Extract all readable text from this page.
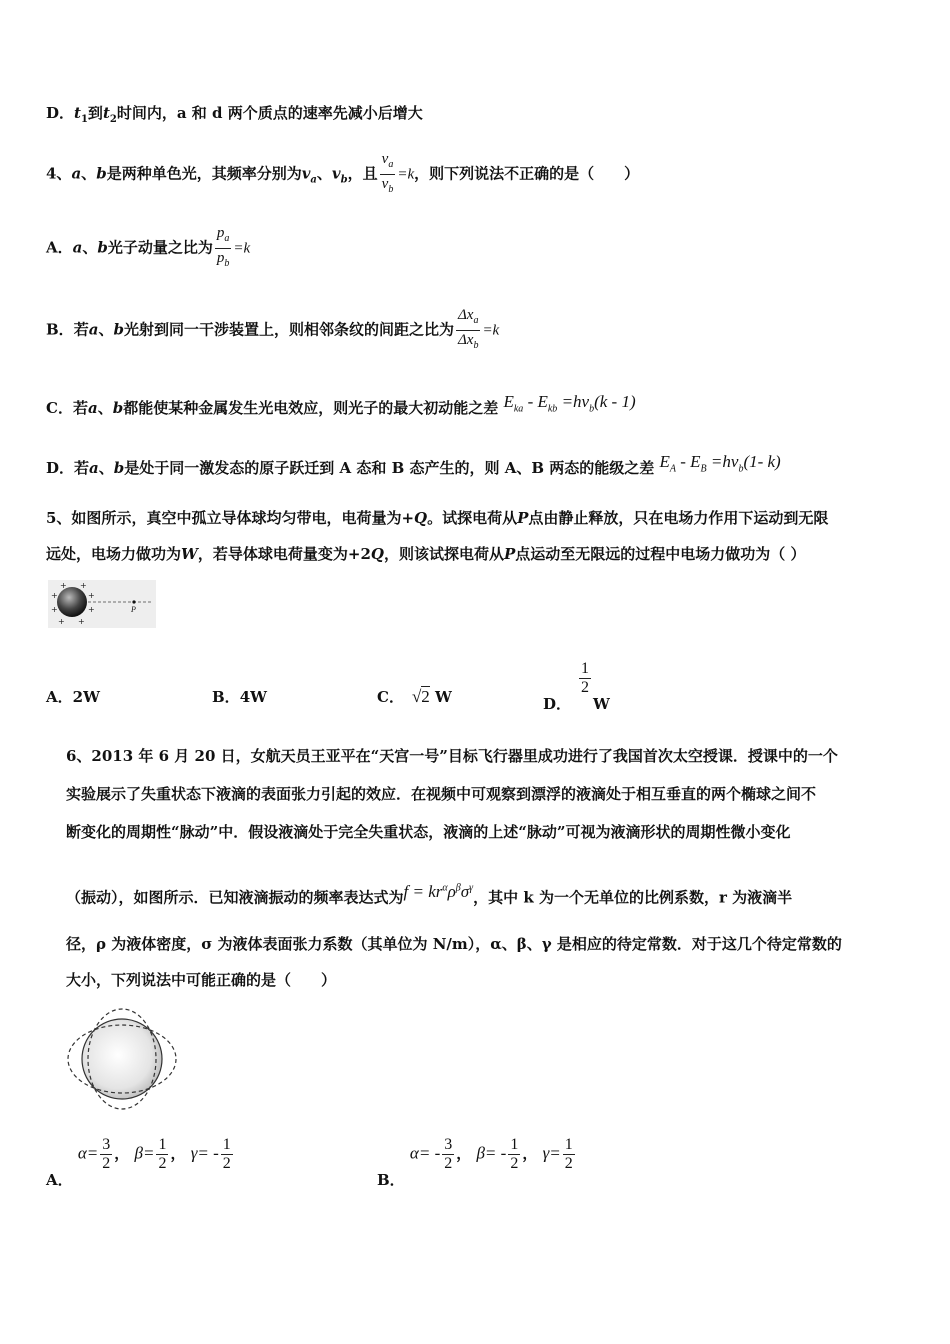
D．$t_1$到$t_2$时间内，a 和 d 两个质点的速率先减小后增大
4、a、b是两种单色光，其频率分别为$v_a$、$v_b$，且 $\frac{v_a}{v_b} =k$，则下列说法不正确的是（　　）
A．a、b光子动量之比为 $\frac{p_a}{p_b} =k$
B．若a、b光射到同一干涉装置上，则相邻条纹的间距之比为 $\frac{\Delta x_a}{\Delta x_b} =k$
C．若a、b都能使某种金属发生光电效应，则光子的最大初动能之差 $E_{ka} - E_{kb} =hv_b(k - 1)$
D．若a、b是处于同一激发态的原子跃迁到 A 态和 B 态产生的，则 A、B 两态的能级之差 $E_A - E_B =hv_b(1-$ k)
5、如图所示，真空中孤立导体球均匀带电，电荷量为+Q。试探电荷从P点由静止释放，只在电场力作用下运动到无限
远处，电场力做功为W，若导体球电荷量变为+2Q，则该试探电荷从P点运动至无限远的过程中电场力做功为（ ）
+ +
+	+
+	+
+ +
P
A．2W	B．4W	C． √2 W	D．
$\frac{1}{2}$
W
6、2013 年 6 月 20 日，女航天员王亚平在“天宫一号”目标飞行器里成功进行了我国首次太空授课．授课中的一个
实验展示了失重状态下液滴的表面张力引起的效应．在视频中可观察到漂浮的液滴处于相互垂直的两个椭球之间不
断变化的周期性“脉动”中．假设液滴处于完全失重状态，液滴的上述“脉动”可视为液滴形状的周期性微小变化
（振动），如图所示．已知液滴振动的频率表达式为$f = kr^\alpha\rho^\beta\sigma^\gamma$，其中 k 为一个无单位的比例系数，r 为液滴半
径，ρ 为液体密度，σ 为液体表面张力系数（其单位为 N/m），α、β、γ 是相应的待定常数．对于这几个待定常数的
大小，下列说法中可能正确的是（　　）
A． $\alpha= \frac{3}{2}$ ， $\beta= \frac{1}{2}$ ， $\gamma= - \frac{1}{2}$
B． $\alpha= - \frac{3}{2}$ ， $\beta= - \frac{1}{2}$ ， $\gamma= \frac{1}{2}$
